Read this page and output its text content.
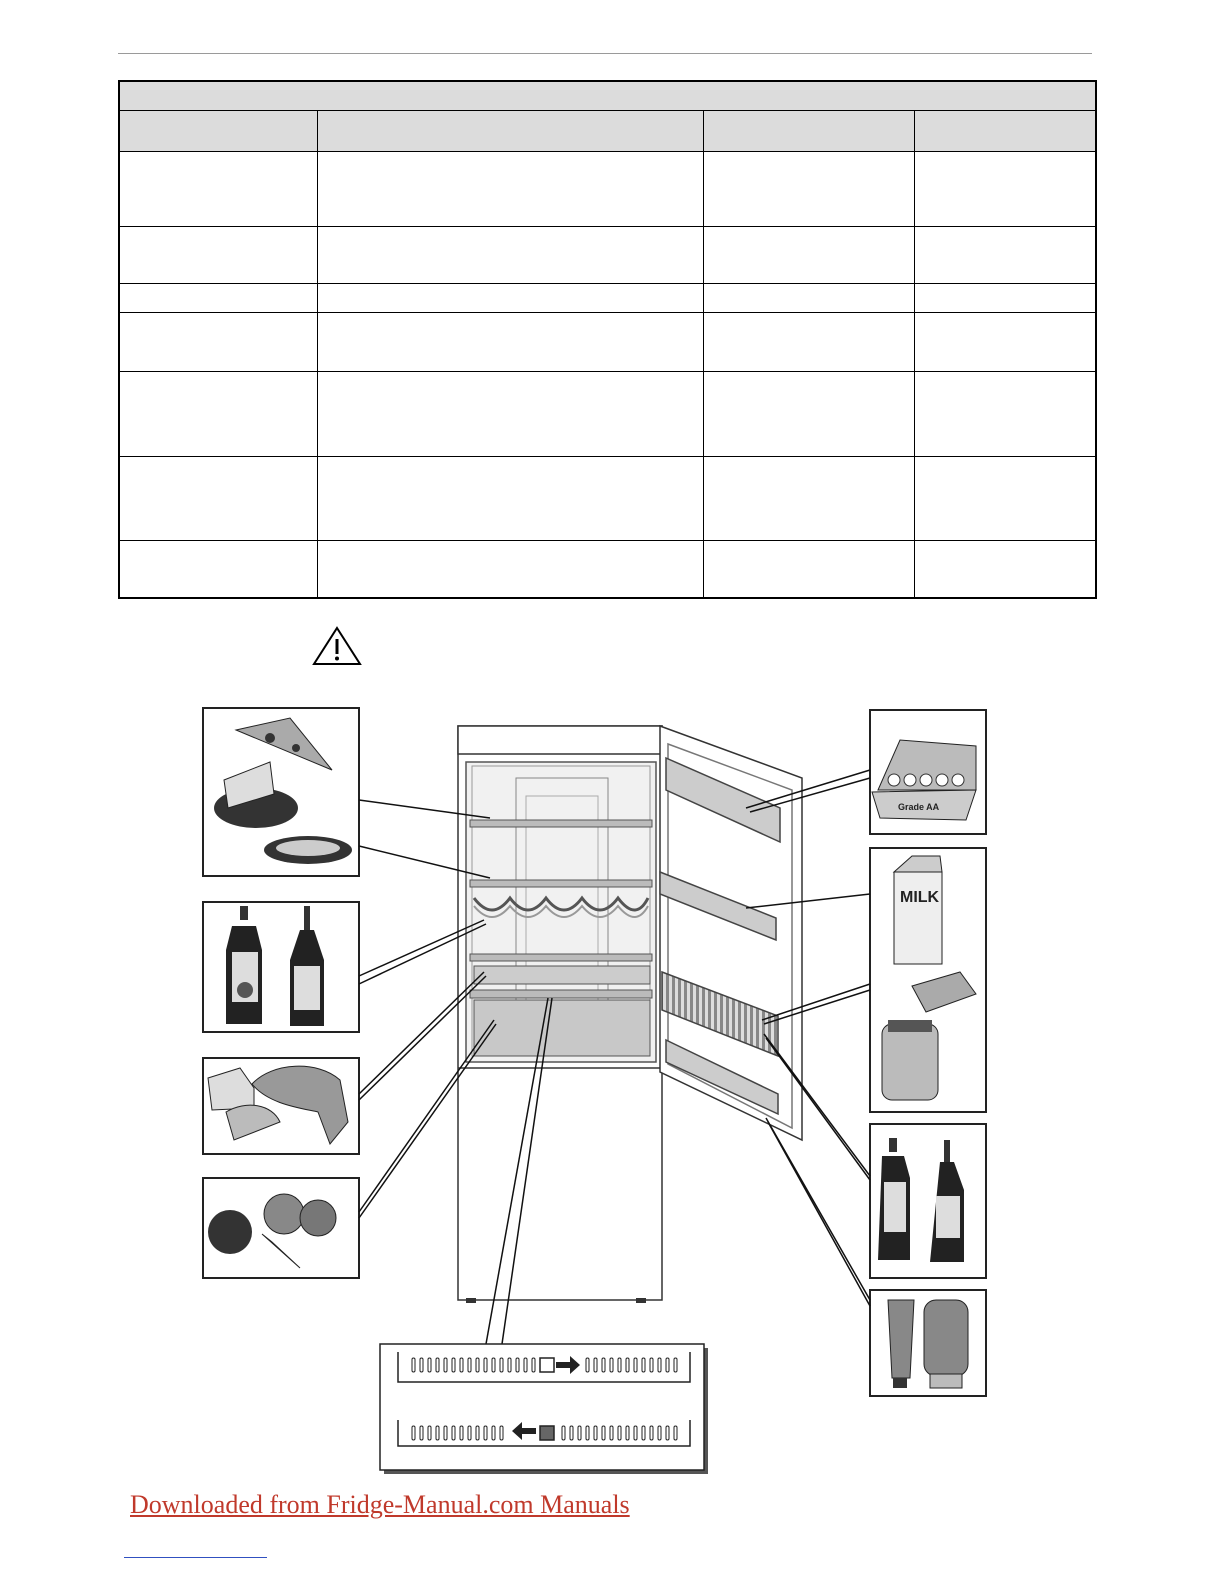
Grade AA
MILK
Downloaded from Fridge-Manual.com Manuals
